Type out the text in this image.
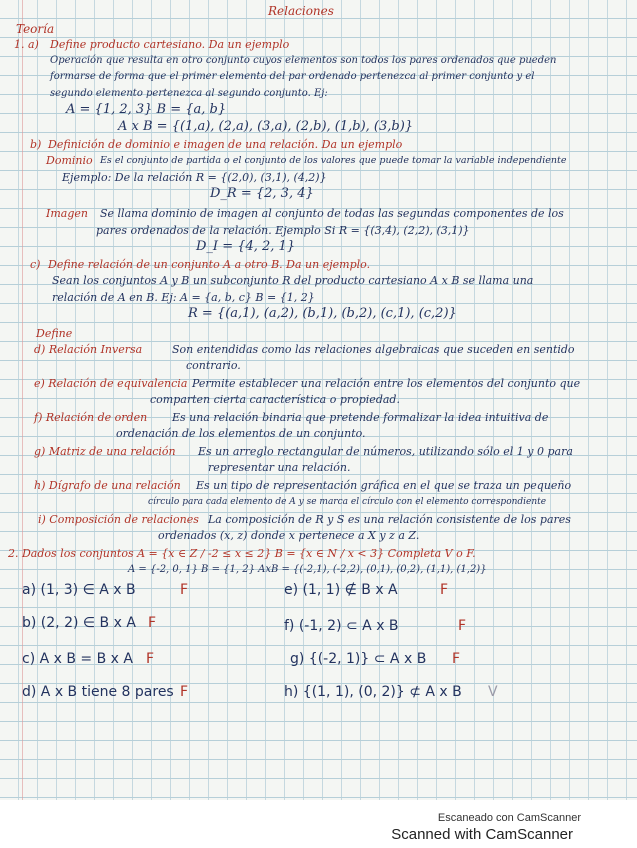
Relaciones
Teoría
1. a) Define producto cartesiano. Da un ejemplo
Operación que resulta en otro conjunto cuyos elementos son todos los pares ordenados que pueden
formarse de forma que el primer elemento del par ordenado pertenezca al primer conjunto y el
segundo elemento pertenezca al segundo conjunto. Ej:
A = {1, 2, 3} B = {a, b}
A x B = {(1,a), (2,a), (3,a), (2,b), (1,b), (3,b)}
b) Definición de dominio e imagen de una relación. Da un ejemplo
Dominio Es el conjunto de partida o el conjunto de los valores que puede tomar la variable independiente
Ejemplo: De la relación R = {(2,0), (3,1), (4,2)}
D_R = {2, 3, 4}
Imagen Se llama dominio de imagen al conjunto de todas las segundas componentes de los
pares ordenados de la relación. Ejemplo Si R = {(3,4), (2,2), (3,1)}
D_I = {4, 2, 1}
c) Define relación de un conjunto A a otro B. Da un ejemplo.
Sean los conjuntos A y B un subconjunto R del producto cartesiano A x B se llama una
relación de A en B. Ej: A = {a, b, c} B = {1, 2}
R = {(a,1), (a,2), (b,1), (b,2), (c,1), (c,2)}
Define
d) Relación Inversa	Son entendidas como las relaciones algebraicas que suceden en sentido
contrario.
e) Relación de equivalencia Permite establecer una relación entre los elementos del conjunto que
comparten cierta característica o propiedad.
f) Relación de orden Es una relación binaria que pretende formalizar la idea intuitiva de
ordenación de los elementos de un conjunto.
g) Matriz de una relación Es un arreglo rectangular de números, utilizando sólo el 1 y 0 para
representar una relación.
h) Dígrafo de una relación Es un tipo de representación gráfica en el que se traza un pequeño
círculo para cada elemento de A y se marca el círculo con el elemento correspondiente
i) Composición de relaciones La composición de R y S es una relación consistente de los pares
ordenados (x, z) donde x pertenece a X y z a Z.
2. Dados los conjuntos A = {x ∈ Z / -2 ≤ x ≤ 2} B = {x ∈ N / x < 3} Completa V o F.
A = {-2, 0, 1} B = {1, 2} AxB = {(-2,1), (-2,2), (0,1), (0,2), (1,1), (1,2)}
a) (1, 3) ∈ A x B	F	e) (1, 1) ∉ B x A	F
b) (2, 2) ∈ B x A F	f) (-1, 2) ⊂ A x B	F
c) A x B = B x A F	g) {(-2, 1)} ⊂ A x B F
d) A x B tiene 8 pares F	h) {(1, 1), (0, 2)} ⊄ A x B V
Escaneado con CamScanner
Scanned with CamScanner
